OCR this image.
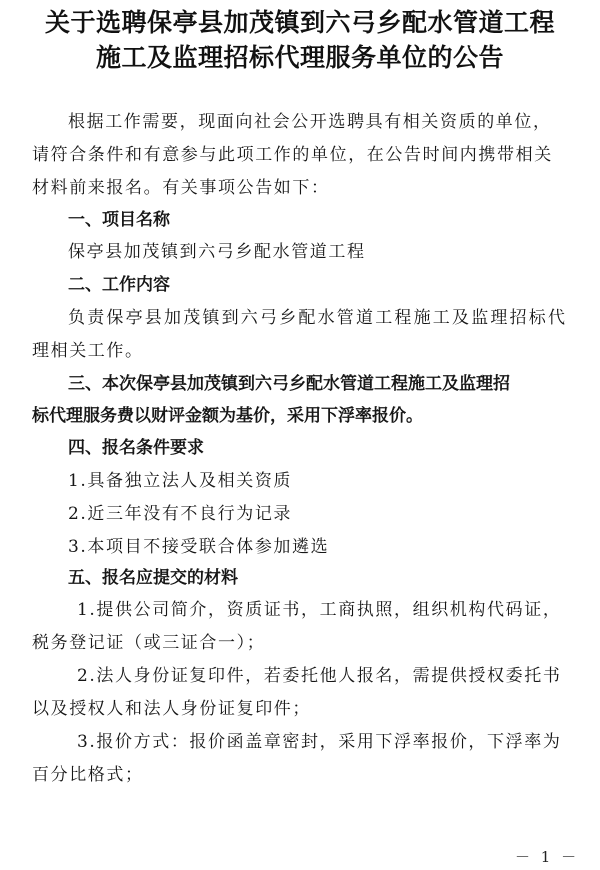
关于选聘保亭县加茂镇到六弓乡配水管道工程
施工及监理招标代理服务单位的公告
根据工作需要，现面向社会公开选聘具有相关资质的单位，
请符合条件和有意参与此项工作的单位，在公告时间内携带相关
材料前来报名。有关事项公告如下：
一、项目名称
保亭县加茂镇到六弓乡配水管道工程
二、工作内容
负责保亭县加茂镇到六弓乡配水管道工程施工及监理招标代
理相关工作。
三、本次保亭县加茂镇到六弓乡配水管道工程施工及监理招
标代理服务费以财评金额为基价，采用下浮率报价。
四、报名条件要求
1.具备独立法人及相关资质
2.近三年没有不良行为记录
3.本项目不接受联合体参加遴选
五、报名应提交的材料
1.提供公司简介，资质证书，工商执照，组织机构代码证，
税务登记证（或三证合一）；
2.法人身份证复印件，若委托他人报名，需提供授权委托书
以及授权人和法人身份证复印件；
3.报价方式：报价函盖章密封，采用下浮率报价，下浮率为
百分比格式；
－ 1 －
